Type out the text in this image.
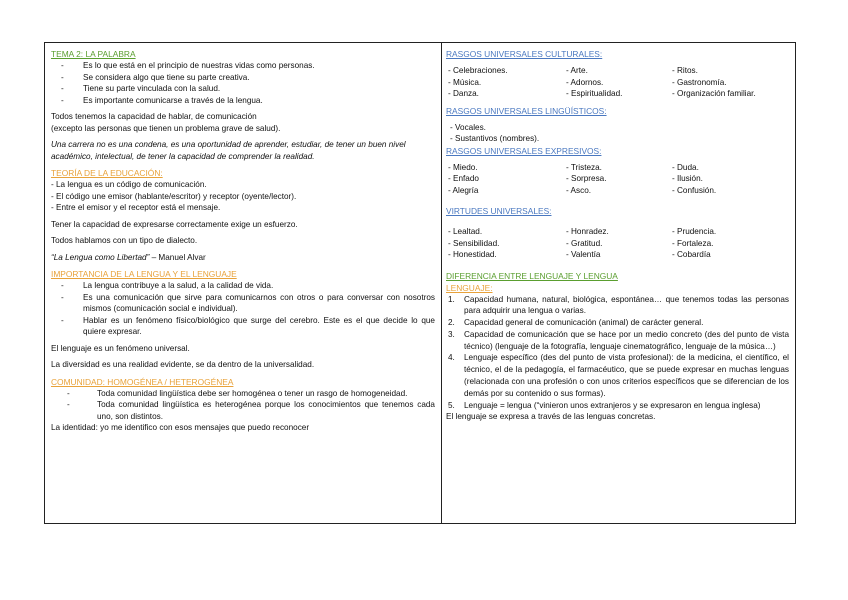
TEMA 2: LA PALABRA
- Es lo que está en el principio de nuestras vidas como personas.
- Se considera algo que tiene su parte creativa.
- Tiene su parte vinculada con la salud.
- Es importante comunicarse a través de la lengua.

Todos tenemos la capacidad de hablar, de comunicación

(excepto las personas que tienen un problema grave de salud).

Una carrera no es una condena, es una oportunidad de aprender, estudiar, de tener un buen nivel académico, intelectual, de tener la capacidad de comprender la realidad.

TEORÍA DE LA EDUCACIÓN:

- La lengua es un código de comunicación.

- El código une emisor (hablante/escritor) y receptor (oyente/lector).

- Entre el emisor y el receptor está el mensaje.

Tener la capacidad de expresarse correctamente exige un esfuerzo.

Todos hablamos con un tipo de dialecto.

“La Lengua como Libertad” – Manuel Alvar

IMPORTANCIA DE LA LENGUA Y EL LENGUAJE
- La lengua contribuye a la salud, a la calidad de vida.
- Es una comunicación que sirve para comunicarnos con otros o para conversar con nosotros mismos (comunicación social e individual).
- Hablar es un fenómeno físico/biológico que surge del cerebro. Este es el que decide lo que quiere expresar.

El lenguaje es un fenómeno universal.

La diversidad es una realidad evidente, se da dentro de la universalidad.

COMUNIDAD: HOMOGÉNEA / HETEROGÉNEA
- Toda comunidad lingüística debe ser homogénea o tener un rasgo de homogeneidad.
- Toda comunidad lingüística es heterogénea porque los conocimientos que tenemos cada uno, son distintos.

La identidad: yo me identifico con esos mensajes que puedo reconocer

RASGOS UNIVERSALES CULTURALES:
- Celebraciones.	- Arte.	- Ritos.
- Música.	- Adornos.	- Gastronomía.
- Danza.	- Espiritualidad.	- Organización familiar.
RASGOS UNIVERSALES LINGÜÍSTICOS:
- Vocales.
- Sustantivos (nombres).
RASGOS UNIVERSALES EXPRESIVOS:
- Miedo.	- Tristeza.	- Duda.
- Enfado	- Sorpresa.	- Ilusión.
- Alegría	- Asco.	- Confusión.
VIRTUDES UNIVERSALES:
- Lealtad.	- Honradez.	- Prudencia.
- Sensibilidad.	- Gratitud.	- Fortaleza.
- Honestidad.	- Valentía	- Cobardía
DIFERENCIA ENTRE LENGUAJE Y LENGUA
LENGUAJE:
1. Capacidad humana, natural, biológica, espontánea… que tenemos todas las personas para adquirir una lengua o varias.
2. Capacidad general de comunicación (animal) de carácter general.
3. Capacidad de comunicación que se hace por un medio concreto (des del punto de vista técnico) (lenguaje de la fotografía, lenguaje cinematográfico, lenguaje de la música…)
4. Lenguaje específico (des del punto de vista profesional): de la medicina, el científico, el técnico, el de la pedagogía, el farmacéutico, que se puede expresar en muchas lenguas (relacionada con una profesión o con unos criterios específicos que se diferencian de los demás por su contenido o sus formas).
5. Lenguaje = lengua (“vinieron unos extranjeros y se expresaron en lengua inglesa)

El lenguaje se expresa a través de las lenguas concretas.
